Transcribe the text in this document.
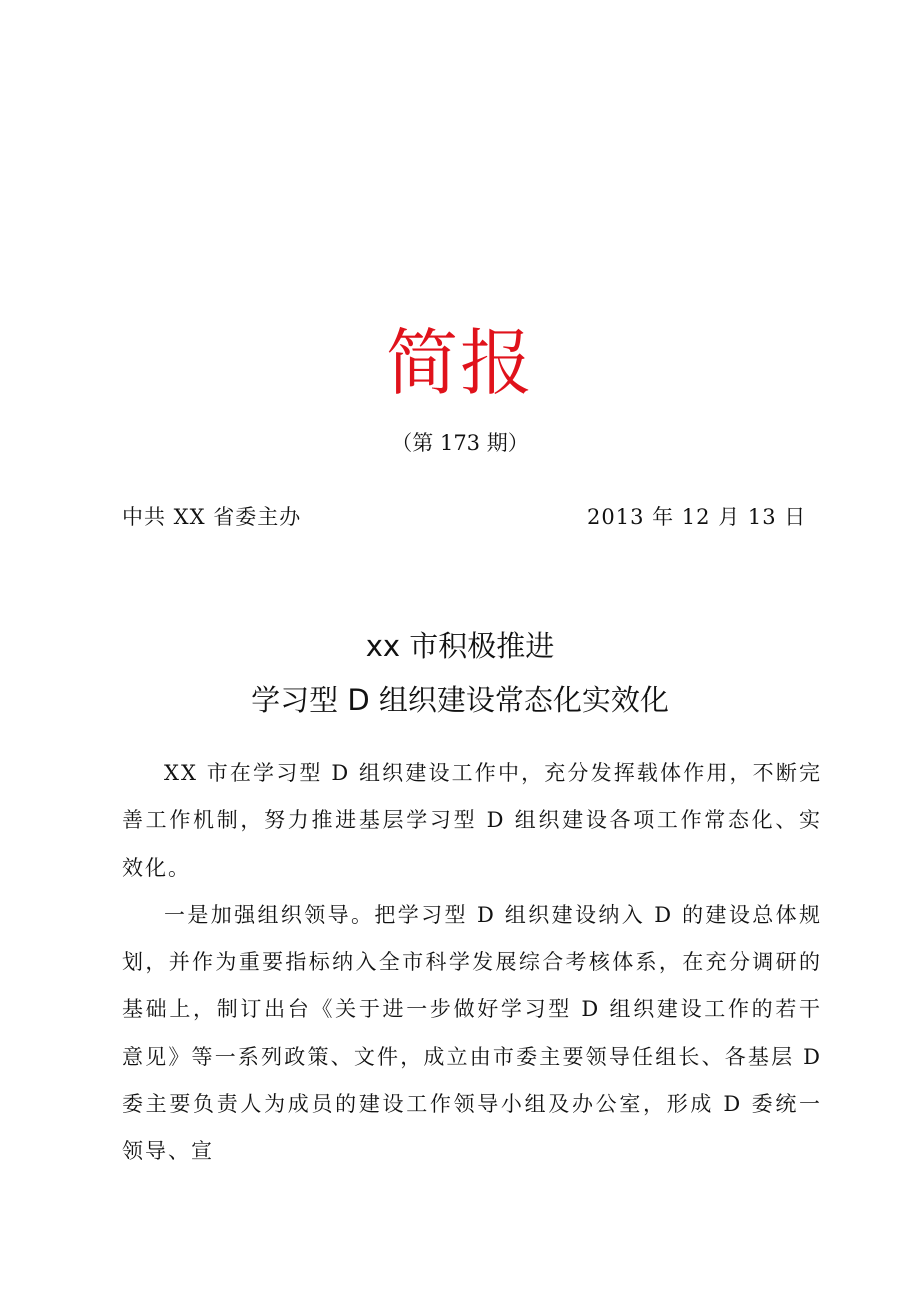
简报
（第 173 期）
中共 XX 省委主办	2013 年 12 月 13 日
xx 市积极推进
学习型 D 组织建设常态化实效化

XX 市在学习型 D 组织建设工作中，充分发挥载体作用，不断完善工作机制，努力推进基层学习型 D 组织建设各项工作常态化、实效化。

一是加强组织领导。把学习型 D 组织建设纳入 D 的建设总体规划，并作为重要指标纳入全市科学发展综合考核体系，在充分调研的基础上，制订出台《关于进一步做好学习型 D 组织建设工作的若干意见》等一系列政策、文件，成立由市委主要领导任组长、各基层 D 委主要负责人为成员的建设工作领导小组及办公室，形成 D 委统一领导、宣
